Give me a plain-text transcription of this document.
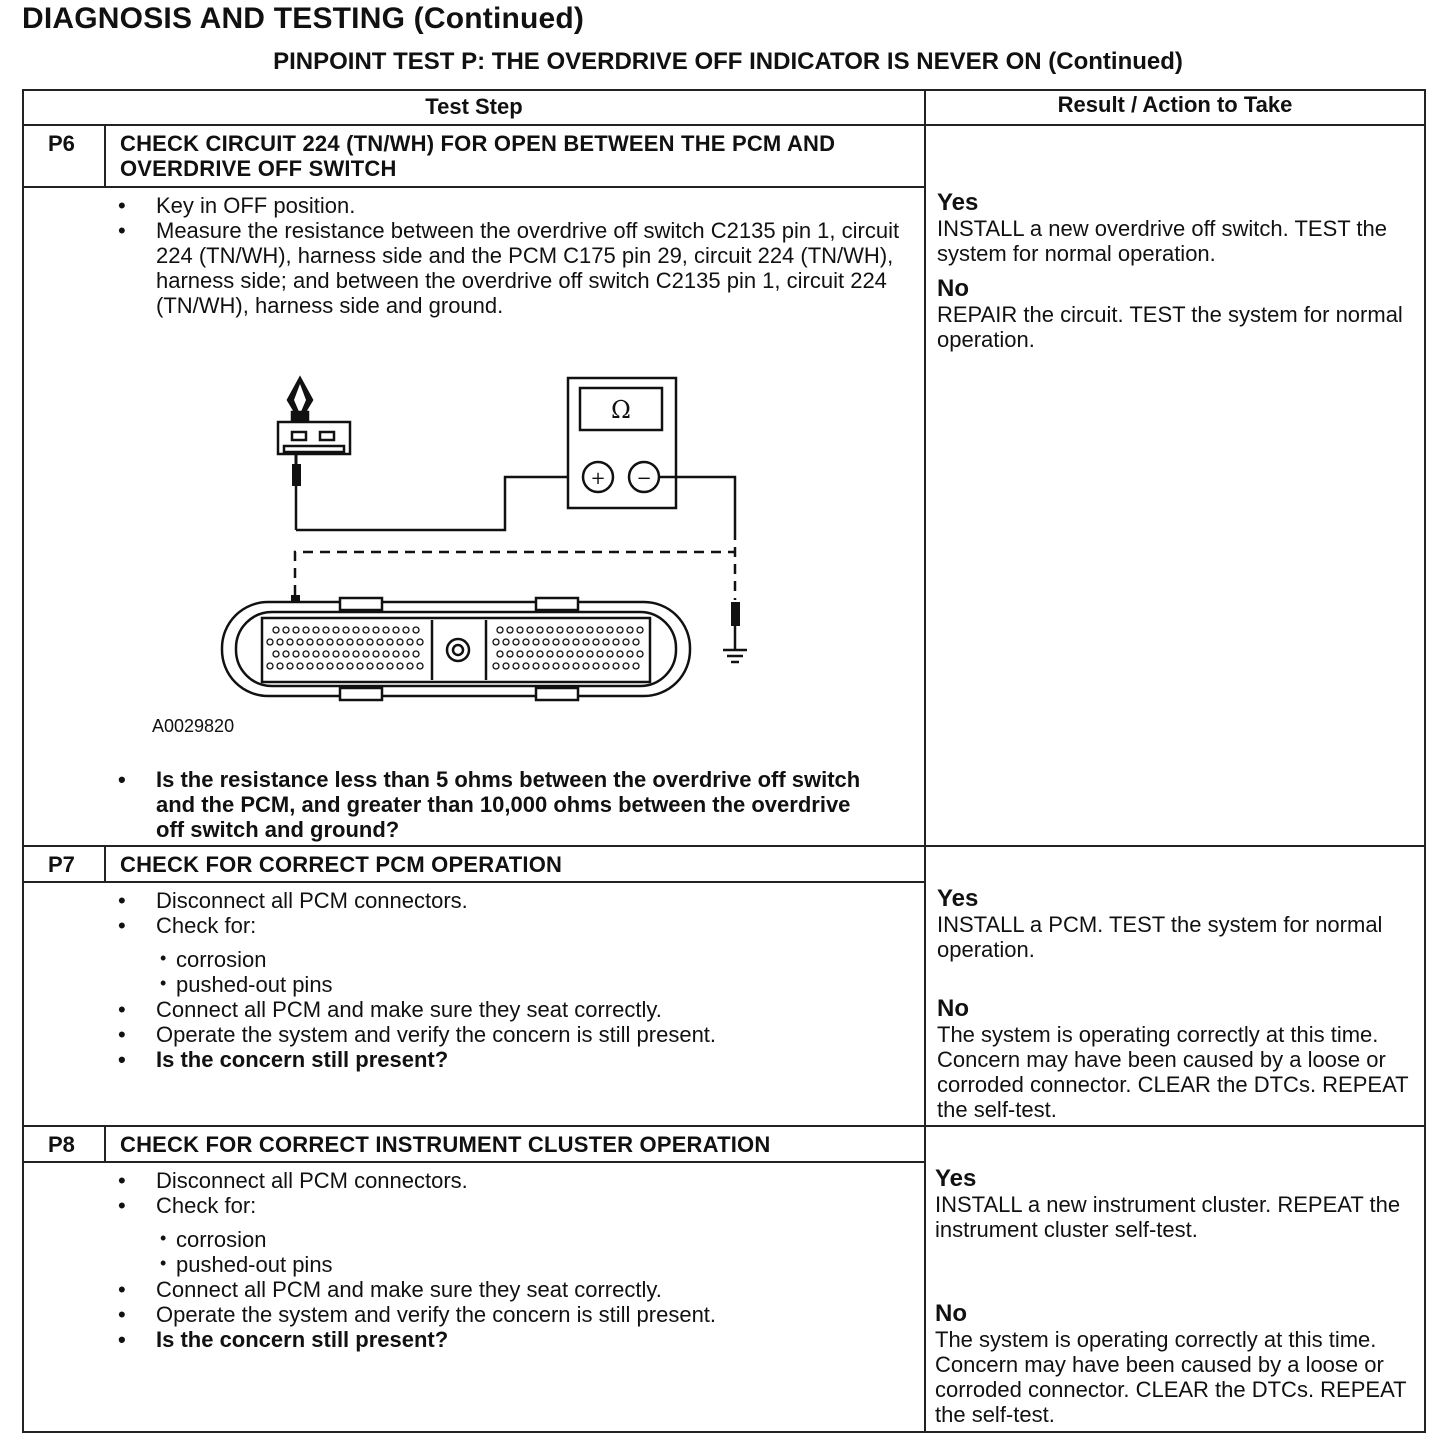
DIAGNOSIS AND TESTING (Continued)
PINPOINT TEST P: THE OVERDRIVE OFF INDICATOR IS NEVER ON (Continued)
Test Step	Result / Action to Take
P6 CHECK CIRCUIT 224 (TN/WH) FOR OPEN BETWEEN THE PCM AND OVERDRIVE OFF SWITCH
• Key in OFF position.
• Measure the resistance between the overdrive off switch C2135 pin 1, circuit 224 (TN/WH), harness side and the PCM C175 pin 29, circuit 224 (TN/WH), harness side; and between the overdrive off switch C2135 pin 1, circuit 224 (TN/WH), harness side and ground.
Ω
+ −
A0029820
• Is the resistance less than 5 ohms between the overdrive off switch and the PCM, and greater than 10,000 ohms between the overdrive off switch and ground?
Yes
INSTALL a new overdrive off switch. TEST the system for normal operation.
No
REPAIR the circuit. TEST the system for normal operation.
P7 CHECK FOR CORRECT PCM OPERATION
• Disconnect all PCM connectors.
• Check for:
• corrosion
• pushed-out pins
• Connect all PCM and make sure they seat correctly.
• Operate the system and verify the concern is still present.
• Is the concern still present?
Yes
INSTALL a PCM. TEST the system for normal operation.
No
The system is operating correctly at this time. Concern may have been caused by a loose or corroded connector. CLEAR the DTCs. REPEAT the self-test.
P8 CHECK FOR CORRECT INSTRUMENT CLUSTER OPERATION
• Disconnect all PCM connectors.
• Check for:
• corrosion
• pushed-out pins
• Connect all PCM and make sure they seat correctly.
• Operate the system and verify the concern is still present.
• Is the concern still present?
Yes
INSTALL a new instrument cluster. REPEAT the instrument cluster self-test.
No
The system is operating correctly at this time. Concern may have been caused by a loose or corroded connector. CLEAR the DTCs. REPEAT the self-test.
